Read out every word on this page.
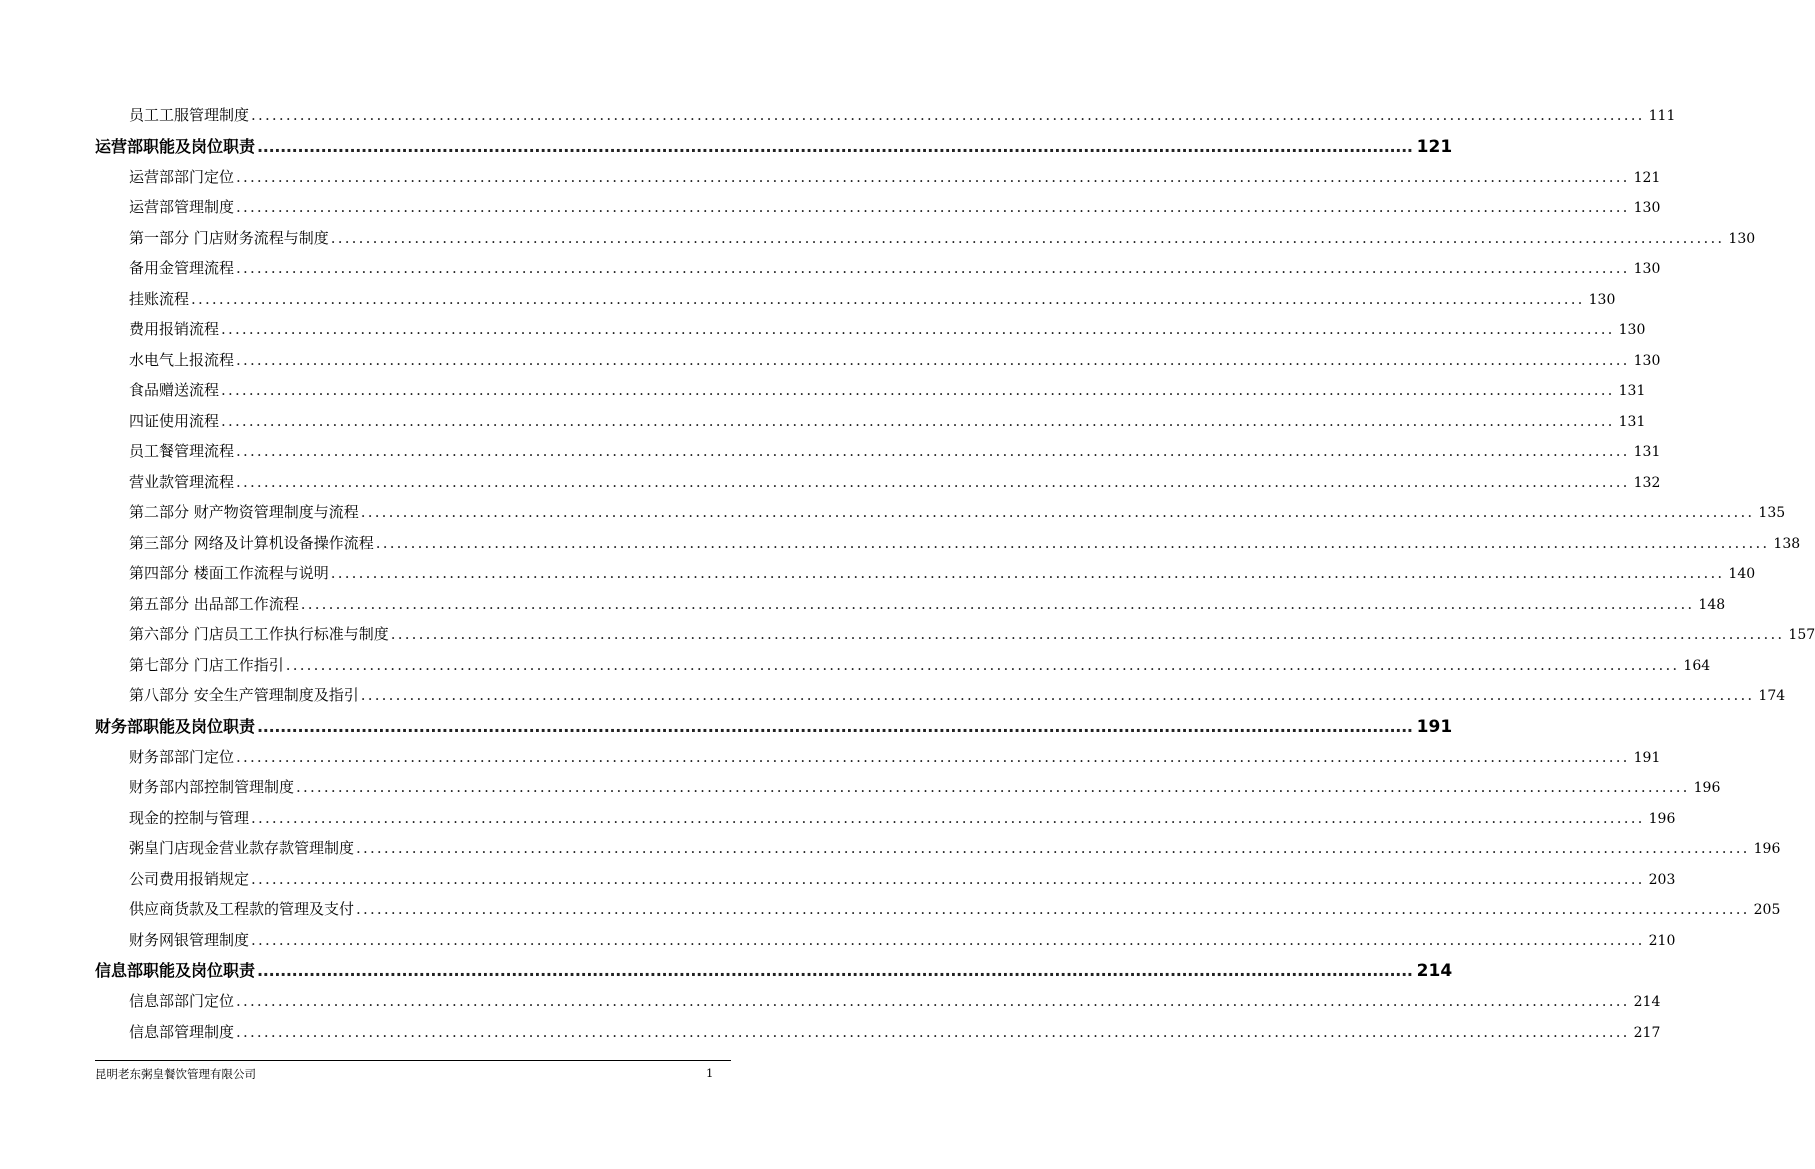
员工工服管理制度 ........................................................................................................................................................................................................ 111
运营部职能及岗位职责 ........................................................................................................................................................................................................ 121
运营部部门定位 ........................................................................................................................................................................................................ 121
运营部管理制度 ........................................................................................................................................................................................................ 130
第一部分 门店财务流程与制度 ........................................................................................................................................................................................................ 130
备用金管理流程 ........................................................................................................................................................................................................ 130
挂账流程 ........................................................................................................................................................................................................ 130
费用报销流程 ........................................................................................................................................................................................................ 130
水电气上报流程 ........................................................................................................................................................................................................ 130
食品赠送流程 ........................................................................................................................................................................................................ 131
四证使用流程 ........................................................................................................................................................................................................ 131
员工餐管理流程 ........................................................................................................................................................................................................ 131
营业款管理流程 ........................................................................................................................................................................................................ 132
第二部分 财产物资管理制度与流程 ........................................................................................................................................................................................................ 135
第三部分 网络及计算机设备操作流程 ........................................................................................................................................................................................................ 138
第四部分 楼面工作流程与说明 ........................................................................................................................................................................................................ 140
第五部分 出品部工作流程 ........................................................................................................................................................................................................ 148
第六部分 门店员工工作执行标准与制度 ........................................................................................................................................................................................................ 157
第七部分 门店工作指引 ........................................................................................................................................................................................................ 164
第八部分 安全生产管理制度及指引 ........................................................................................................................................................................................................ 174
财务部职能及岗位职责 ........................................................................................................................................................................................................ 191
财务部部门定位 ........................................................................................................................................................................................................ 191
财务部内部控制管理制度 ........................................................................................................................................................................................................ 196
现金的控制与管理 ........................................................................................................................................................................................................ 196
粥皇门店现金营业款存款管理制度 ........................................................................................................................................................................................................ 196
公司费用报销规定 ........................................................................................................................................................................................................ 203
供应商货款及工程款的管理及支付 ........................................................................................................................................................................................................ 205
财务网银管理制度 ........................................................................................................................................................................................................ 210
信息部职能及岗位职责 ........................................................................................................................................................................................................ 214
信息部部门定位 ........................................................................................................................................................................................................ 214
信息部管理制度 ........................................................................................................................................................................................................ 217
昆明老东粥皇餐饮管理有限公司	1
